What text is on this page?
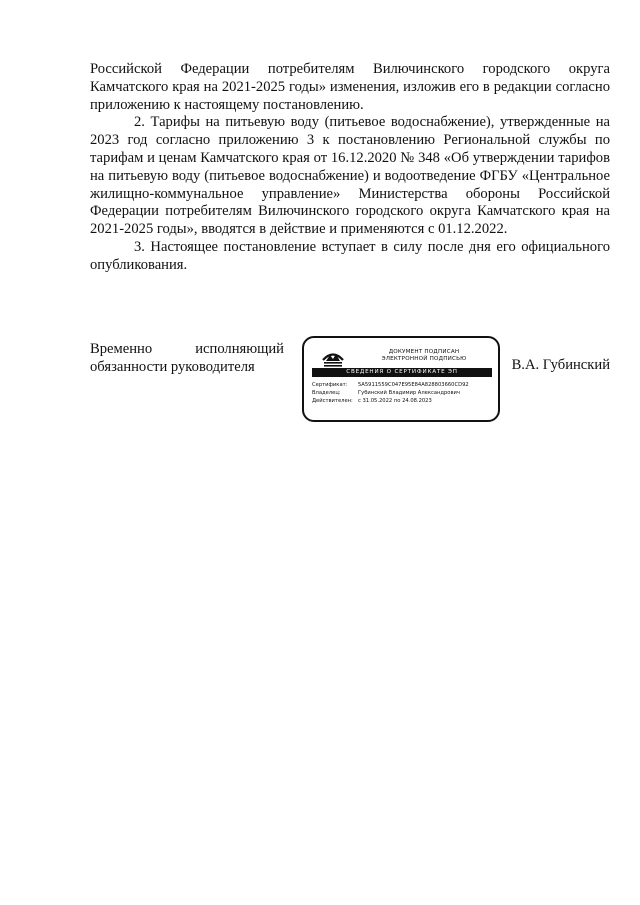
Российской Федерации потребителям Вилючинского городского округа Камчатского края на 2021-2025 годы» изменения, изложив его в редакции согласно приложению к настоящему постановлению.

2. Тарифы на питьевую воду (питьевое водоснабжение), утвержденные на 2023 год согласно приложению 3 к постановлению Региональной службы по тарифам и ценам Камчатского края от 16.12.2020 № 348 «Об утверждении тарифов на питьевую воду (питьевое водоснабжение) и водоотведение ФГБУ «Центральное жилищно-коммунальное управление» Министерства обороны Российской Федерации потребителям Вилючинского городского округа Камчатского края на 2021-2025 годы», вводятся в действие и применяются с 01.12.2022.

3. Настоящее постановление вступает в силу после дня его официального опубликования.

Временно	исполняющий
обязанности руководителя
ДОКУМЕНТ ПОДПИСАН
ЭЛЕКТРОННОЙ ПОДПИСЬЮ
СВЕДЕНИЯ О СЕРТИФИКАТЕ ЭП
Сертификат:	5A5911559C047E95E84A828803660CD92
Владелец:	Губинский Владимир Александрович
Действителен:	с 31.05.2022 по 24.08.2023
В.А. Губинский
